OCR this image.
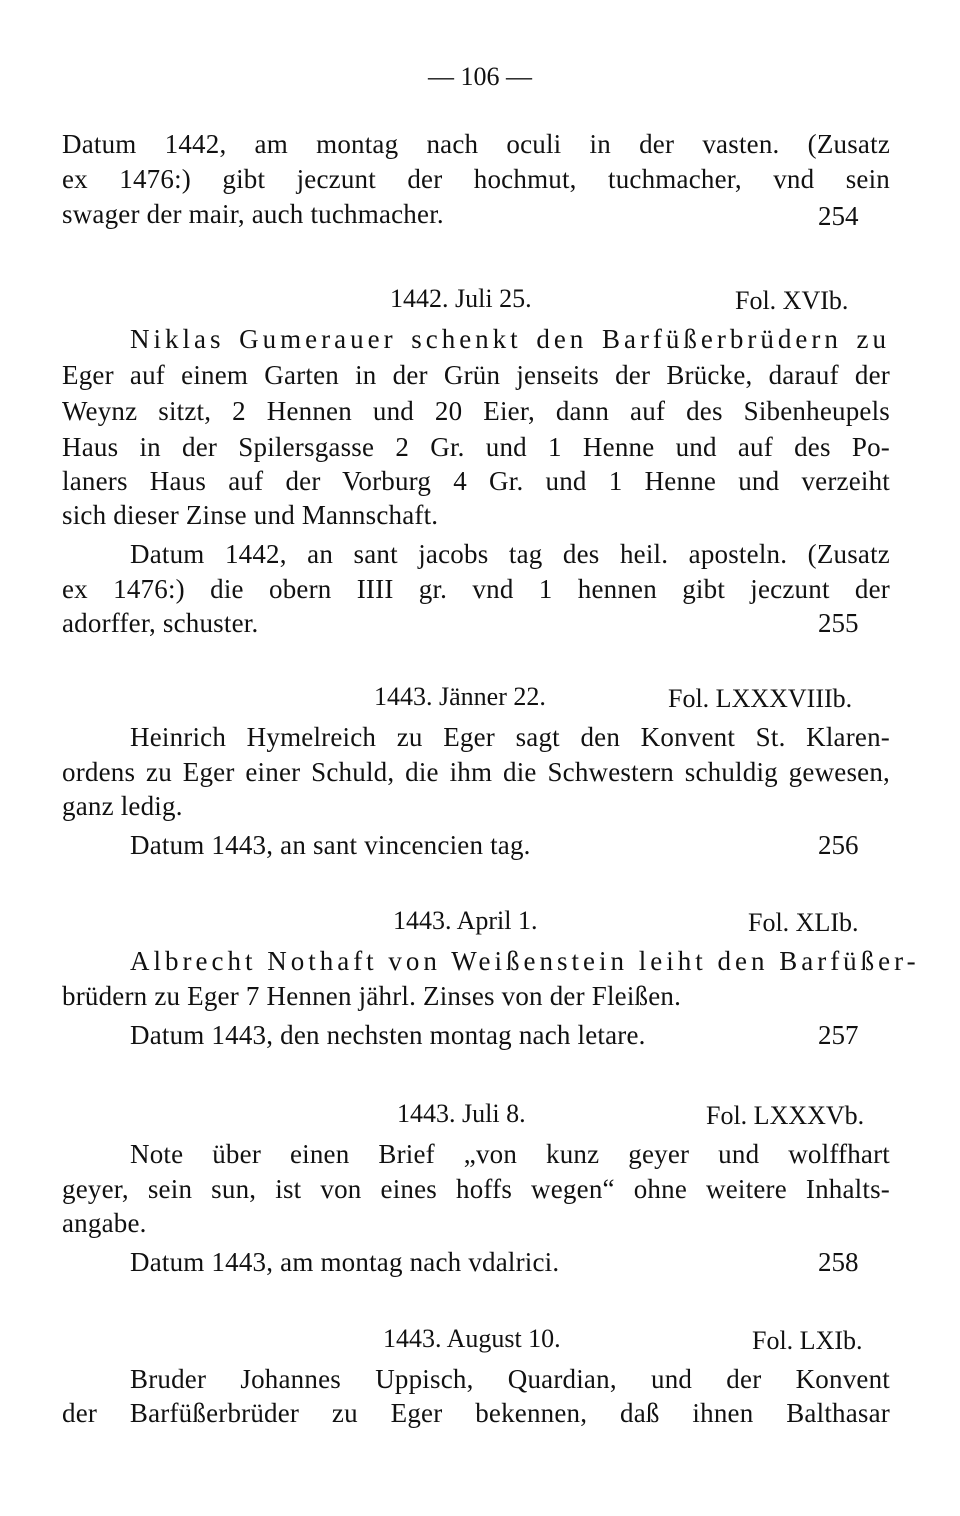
— 106 —
Datum 1442, am montag nach oculi in der vasten. (Zusatz
ex 1476:) gibt jeczunt der hochmut, tuchmacher, vnd sein
swager der mair, auch tuchmacher.	254
1442. Juli 25.	Fol. XVIb.
Niklas Gumerauer schenkt den Barfüßerbrüdern zu
Eger auf einem Garten in der Grün jenseits der Brücke, darauf der
Weynz sitzt, 2 Hennen und 20 Eier, dann auf des Sibenheupels
Haus in der Spilersgasse 2 Gr. und 1 Henne und auf des Po-
laners Haus auf der Vorburg 4 Gr. und 1 Henne und verzeiht
sich dieser Zinse und Mannschaft.
Datum 1442, an sant jacobs tag des heil. aposteln. (Zusatz
ex 1476:) die obern IIII gr. vnd 1 hennen gibt jeczunt der
adorffer, schuster.	255
1443. Jänner 22.	Fol. LXXXVIIIb.
Heinrich Hymelreich zu Eger sagt den Konvent St. Klaren-
ordens zu Eger einer Schuld, die ihm die Schwestern schuldig gewesen,
ganz ledig.
Datum 1443, an sant vincencien tag.	256
1443. April 1.	Fol. XLIb.
Albrecht Nothaft von Weißenstein leiht den Barfüßer-
brüdern zu Eger 7 Hennen jährl. Zinses von der Fleißen.
Datum 1443, den nechsten montag nach letare.	257
1443. Juli 8.	Fol. LXXXVb.
Note über einen Brief „von kunz geyer und wolffhart
geyer, sein sun, ist von eines hoffs wegen“ ohne weitere Inhalts-
angabe.
Datum 1443, am montag nach vdalrici.	258
1443. August 10.	Fol. LXIb.
Bruder Johannes Uppisch, Quardian, und der Konvent
der Barfüßerbrüder zu Eger bekennen, daß ihnen Balthasar
